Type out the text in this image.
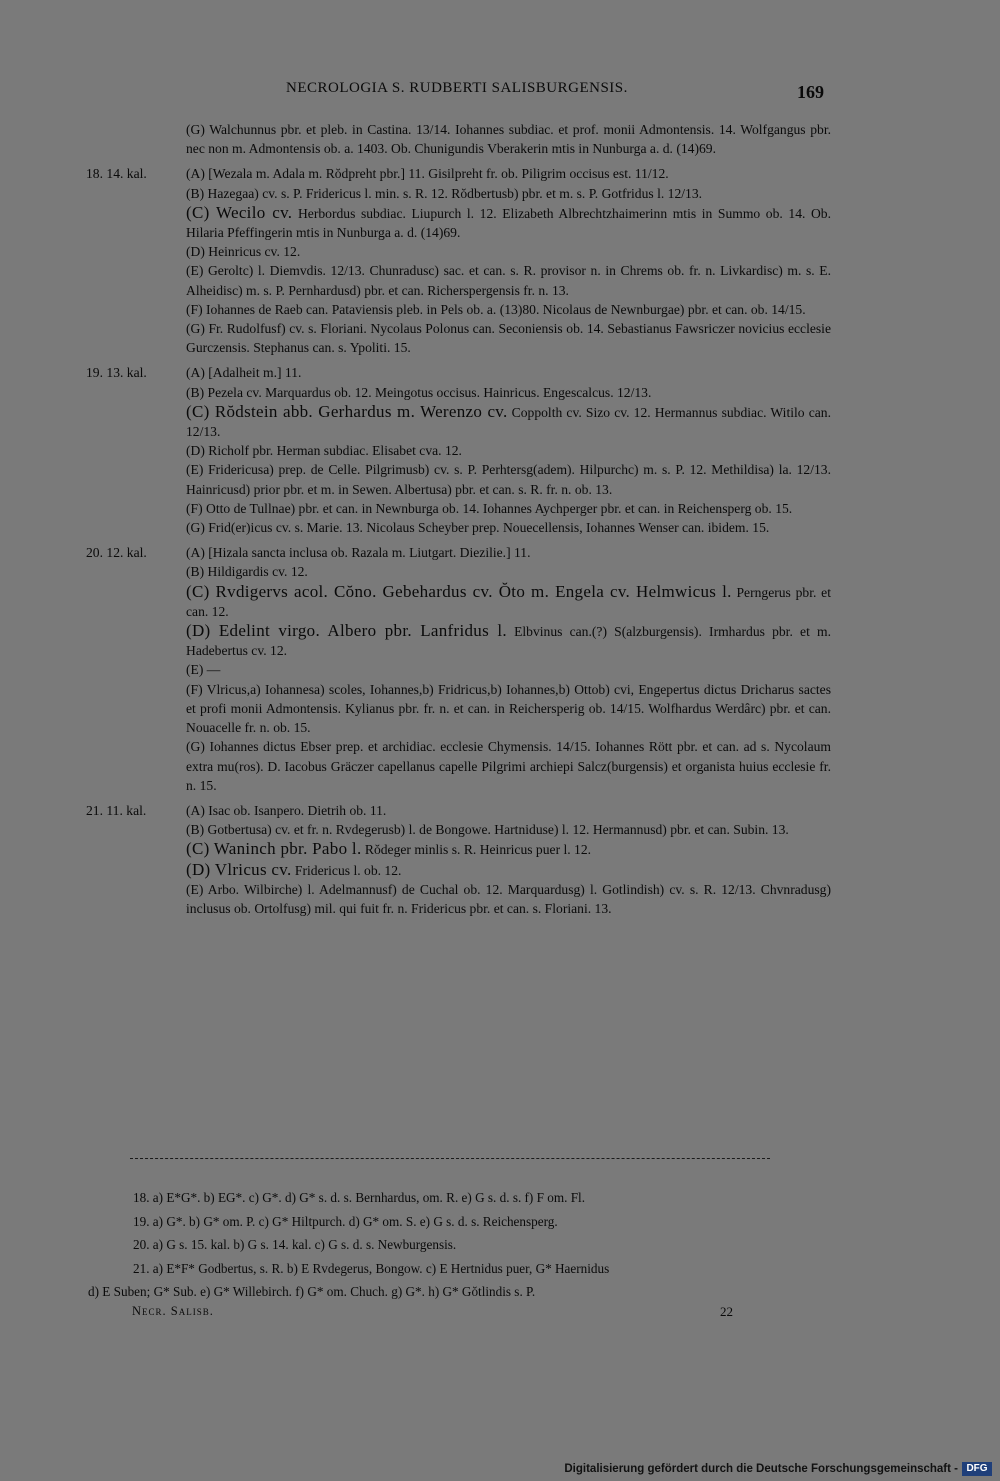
NECROLOGIA S. RUDBERTI SALISBURGENSIS.	169
(G) Walchunnus pbr. et pleb. in Castina. 13/14. Iohannes subdiac. et prof. monii Admontensis. 14. Wolfgangus pbr. nec non m. Admontensis ob. a. 1403. Ob. Chunigundis Vberakerin mtis in Nunburga a. d. (14)69.
18. 14. kal.	(A) [Wezala m. Adala m. Rŏdpreht pbr.] 11. Gisilpreht fr. ob. Piligrim occisus est. 11/12.
(B) Hazegaa) cv. s. P. Fridericus l. min. s. R. 12. Rŏdbertusb) pbr. et m. s. P. Gotfridus l. 12/13.
(C) Wecilo cv. Herbordus subdiac. Liupurch l. 12. Elizabeth Albrechtzhaimerinn mtis in Summo ob. 14. Ob. Hilaria Pfeffingerin mtis in Nunburga a. d. (14)69.
(D) Heinricus cv. 12.
(E) Geroltc) l. Diemvdis. 12/13. Chunradusc) sac. et can. s. R. provisor n. in Chrems ob. fr. n. Livkardisc) m. s. E. Alheidisc) m. s. P. Pernhardusd) pbr. et can. Richerspergensis fr. n. 13.
(F) Iohannes de Raeb can. Pataviensis pleb. in Pels ob. a. (13)80. Nicolaus de Newnburgae) pbr. et can. ob. 14/15.
(G) Fr. Rudolfusf) cv. s. Floriani. Nycolaus Polonus can. Seconiensis ob. 14. Sebastianus Fawsriczer novicius ecclesie Gurczensis. Stephanus can. s. Ypoliti. 15.
19. 13. kal.	(A) [Adalheit m.] 11.
(B) Pezela cv. Marquardus ob. 12. Meingotus occisus. Hainricus. Engescalcus. 12/13.
(C) Rŏdstein abb. Gerhardus m. Werenzo cv. Coppolth cv. Sizo cv. 12. Hermannus subdiac. Witilo can. 12/13.
(D) Richolf pbr. Herman subdiac. Elisabet cva. 12.
(E) Fridericusa) prep. de Celle. Pilgrimusb) cv. s. P. Perhtersg(adem). Hilpurchc) m. s. P. 12. Methildisa) la. 12/13. Hainricusd) prior pbr. et m. in Sewen. Albertusa) pbr. et can. s. R. fr. n. ob. 13.
(F) Otto de Tullnae) pbr. et can. in Newnburga ob. 14. Iohannes Aychperger pbr. et can. in Reichensperg ob. 15.
(G) Frid(er)icus cv. s. Marie. 13. Nicolaus Scheyber prep. Nouecellensis, Iohannes Wenser can. ibidem. 15.
20. 12. kal.	(A) [Hizala sancta inclusa ob. Razala m. Liutgart. Diezilie.] 11.
(B) Hildigardis cv. 12.
(C) Rvdigervs acol. Cŏno. Gebehardus cv. Ŏto m. Engela cv. Helmwicus l. Perngerus pbr. et can. 12.
(D) Edelint virgo. Albero pbr. Lanfridus l. Elbvinus can.(?) S(alzburgensis). Irmhardus pbr. et m. Hadebertus cv. 12.
(E) —
(F) Vlricus,a) Iohannesa) scoles, Iohannes,b) Fridricus,b) Iohannes,b) Ottob) cvi, Engepertus dictus Dricharus sactes et profi monii Admontensis. Kylianus pbr. fr. n. et can. in Reichersperig ob. 14/15. Wolfhardus Werdârc) pbr. et can. Nouacelle fr. n. ob. 15.
(G) Iohannes dictus Ebser prep. et archidiac. ecclesie Chymensis. 14/15. Iohannes Rött pbr. et can. ad s. Nycolaum extra mu(ros). D. Iacobus Gräczer capellanus capelle Pilgrimi archiepi Salcz(burgensis) et organista huius ecclesie fr. n. 15.
21. 11. kal.	(A) Isac ob. Isanpero. Dietrih ob. 11.
(B) Gotbertusa) cv. et fr. n. Rvdegerusb) l. de Bongowe. Hartniduse) l. 12. Hermannusd) pbr. et can. Subin. 13.
(C) Waninch pbr. Pabo l. Rŏdeger minlis s. R. Heinricus puer l. 12.
(D) Vlricus cv. Fridericus l. ob. 12.
(E) Arbo. Wilbirche) l. Adelmannusf) de Cuchal ob. 12. Marquardusg) l. Gotlindish) cv. s. R. 12/13. Chvnradusg) inclusus ob. Ortolfusg) mil. qui fuit fr. n. Fridericus pbr. et can. s. Floriani. 13.
18. a) E*G*. b) EG*. c) G*. d) G* s. d. s. Bernhardus, om. R. e) G s. d. s. f) F om. Fl.
19. a) G*. b) G* om. P. c) G* Hiltpurch. d) G* om. S. e) G s. d. s. Reichensperg.
20. a) G s. 15. kal. b) G s. 14. kal. c) G s. d. s. Newburgensis.
21. a) E*F* Godbertus, s. R. b) E Rvdegerus, Bongow. c) E Hertnidus puer, G* Haernidus
d) E Suben; G* Sub. e) G* Willebirch. f) G* om. Chuch. g) G*. h) G* Gŏtlindis s. P.
Necr. Salisb.	22
Digitalisierung gefördert durch die Deutsche Forschungsgemeinschaft - DFG
